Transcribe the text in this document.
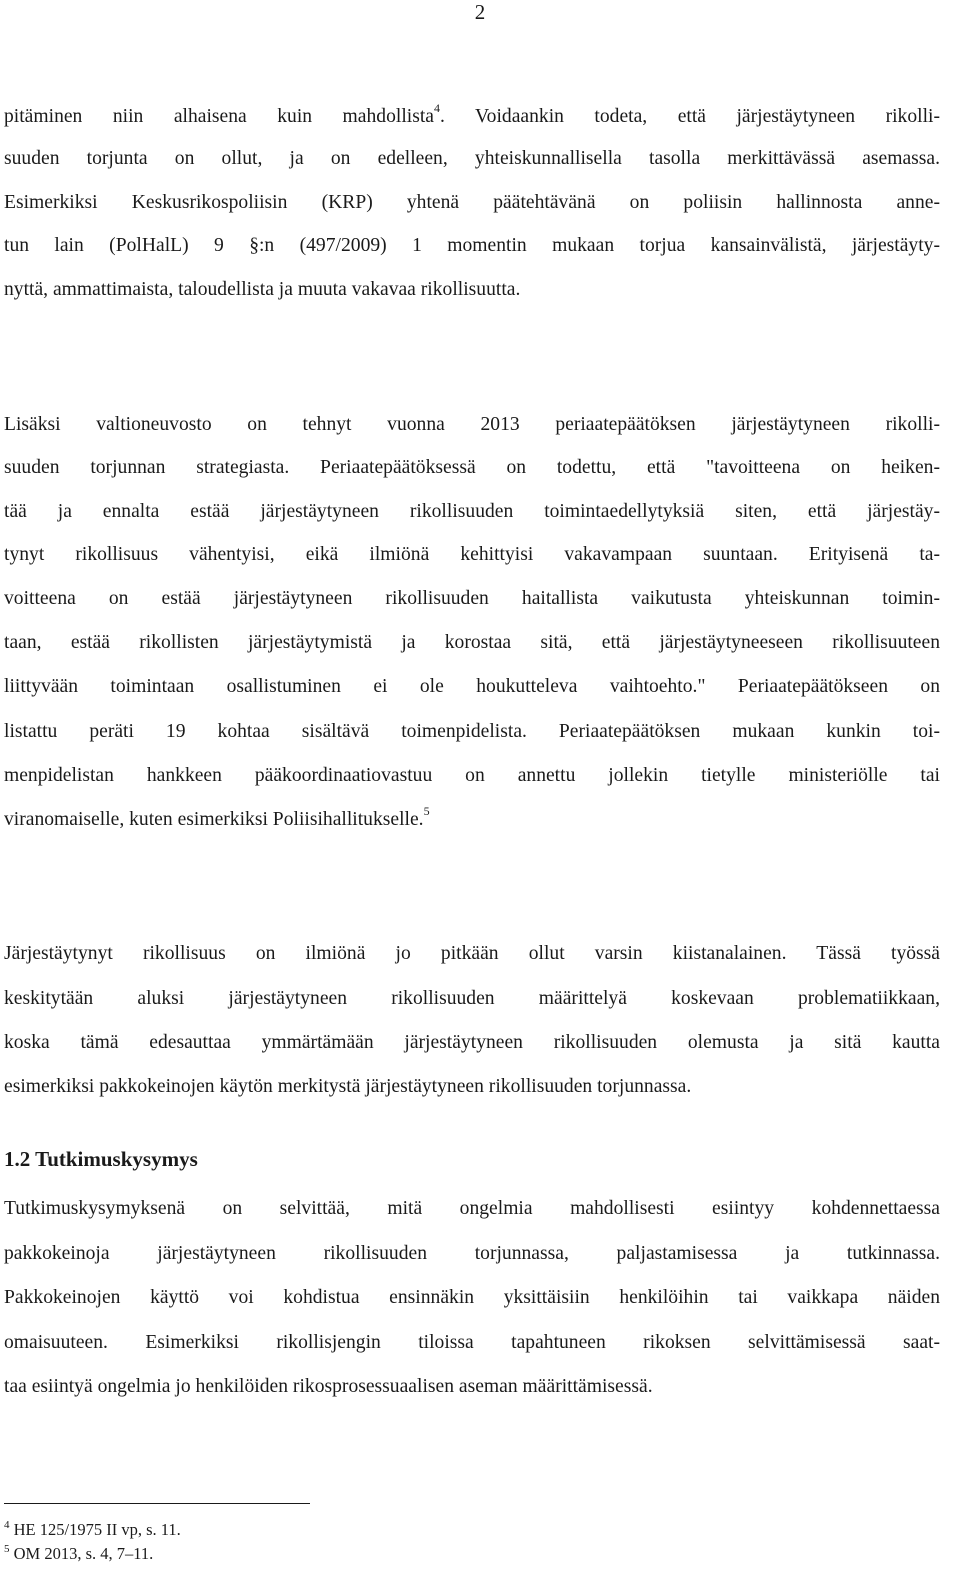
2
pitäminen niin alhaisena kuin mahdollista$^4$. Voidaankin todeta, että järjestäytyneen rikolli-
suuden torjunta on ollut, ja on edelleen, yhteiskunnallisella tasolla merkittävässä asemassa.
Esimerkiksi Keskusrikospoliisin (KRP) yhtenä päätehtävänä on poliisin hallinnosta anne-
tun lain (PolHalL) 9 §:n (497/2009) 1 momentin mukaan torjua kansainvälistä, järjestäyty-
nyttä, ammattimaista, taloudellista ja muuta vakavaa rikollisuutta.
Lisäksi valtioneuvosto on tehnyt vuonna 2013 periaatepäätöksen järjestäytyneen rikolli-
suuden torjunnan strategiasta. Periaatepäätöksessä on todettu, että "tavoitteena on heiken-
tää ja ennalta estää järjestäytyneen rikollisuuden toimintaedellytyksiä siten, että järjestäy-
tynyt rikollisuus vähentyisi, eikä ilmiönä kehittyisi vakavampaan suuntaan. Erityisenä ta-
voitteena on estää järjestäytyneen rikollisuuden haitallista vaikutusta yhteiskunnan toimin-
taan, estää rikollisten järjestäytymistä ja korostaa sitä, että järjestäytyneeseen rikollisuuteen
liittyvään toimintaan osallistuminen ei ole houkutteleva vaihtoehto." Periaatepäätökseen on
listattu peräti 19 kohtaa sisältävä toimenpidelista. Periaatepäätöksen mukaan kunkin toi-
menpidelistan hankkeen pääkoordinaatiovastuu on annettu jollekin tietylle ministeriölle tai
viranomaiselle, kuten esimerkiksi Poliisihallitukselle.$^5$
Järjestäytynyt rikollisuus on ilmiönä jo pitkään ollut varsin kiistanalainen. Tässä työssä
keskitytään aluksi järjestäytyneen rikollisuuden määrittelyä koskevaan problematiikkaan,
koska tämä edesauttaa ymmärtämään järjestäytyneen rikollisuuden olemusta ja sitä kautta
esimerkiksi pakkokeinojen käytön merkitystä järjestäytyneen rikollisuuden torjunnassa.
1.2 Tutkimuskysymys
Tutkimuskysymyksenä on selvittää, mitä ongelmia mahdollisesti esiintyy kohdennettaessa
pakkokeinoja järjestäytyneen rikollisuuden torjunnassa, paljastamisessa ja tutkinnassa.
Pakkokeinojen käyttö voi kohdistua ensinnäkin yksittäisiin henkilöihin tai vaikkapa näiden
omaisuuteen. Esimerkiksi rikollisjengin tiloissa tapahtuneen rikoksen selvittämisessä saat-
taa esiintyä ongelmia jo henkilöiden rikosprosessuaalisen aseman määrittämisessä.
$^4$ HE 125/1975 II vp, s. 11.
$^5$ OM 2013, s. 4, 7–11.
